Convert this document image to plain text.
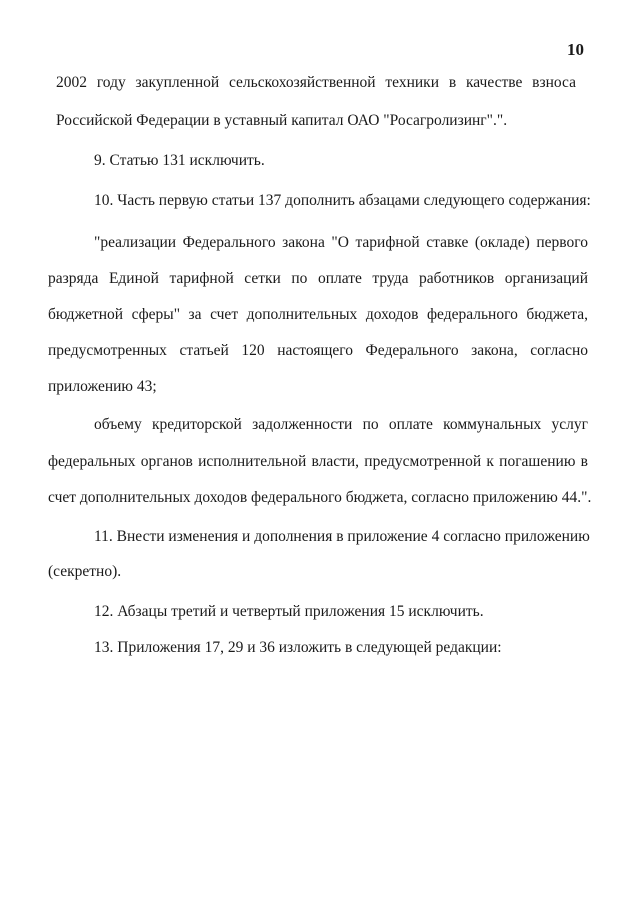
10
2002 году закупленной сельскохозяйственной техники в качестве взноса
Российской Федерации в уставный капитал ОАО "Росагролизинг".".
9. Статью 131 исключить.
10. Часть первую статьи 137 дополнить абзацами следующего содержания:
"реализации Федерального закона "О тарифной ставке (окладе) первого
разряда Единой тарифной сетки по оплате труда работников организаций
бюджетной сферы" за счет дополнительных доходов федерального бюджета,
предусмотренных статьей 120 настоящего Федерального закона, согласно
приложению 43;
объему кредиторской задолженности по оплате коммунальных услуг
федеральных органов исполнительной власти, предусмотренной к погашению в
счет дополнительных доходов федерального бюджета, согласно приложению 44.".
11. Внести изменения и дополнения в приложение 4 согласно приложению
(секретно).
12. Абзацы третий и четвертый приложения 15 исключить.
13. Приложения 17, 29 и 36 изложить в следующей редакции:
